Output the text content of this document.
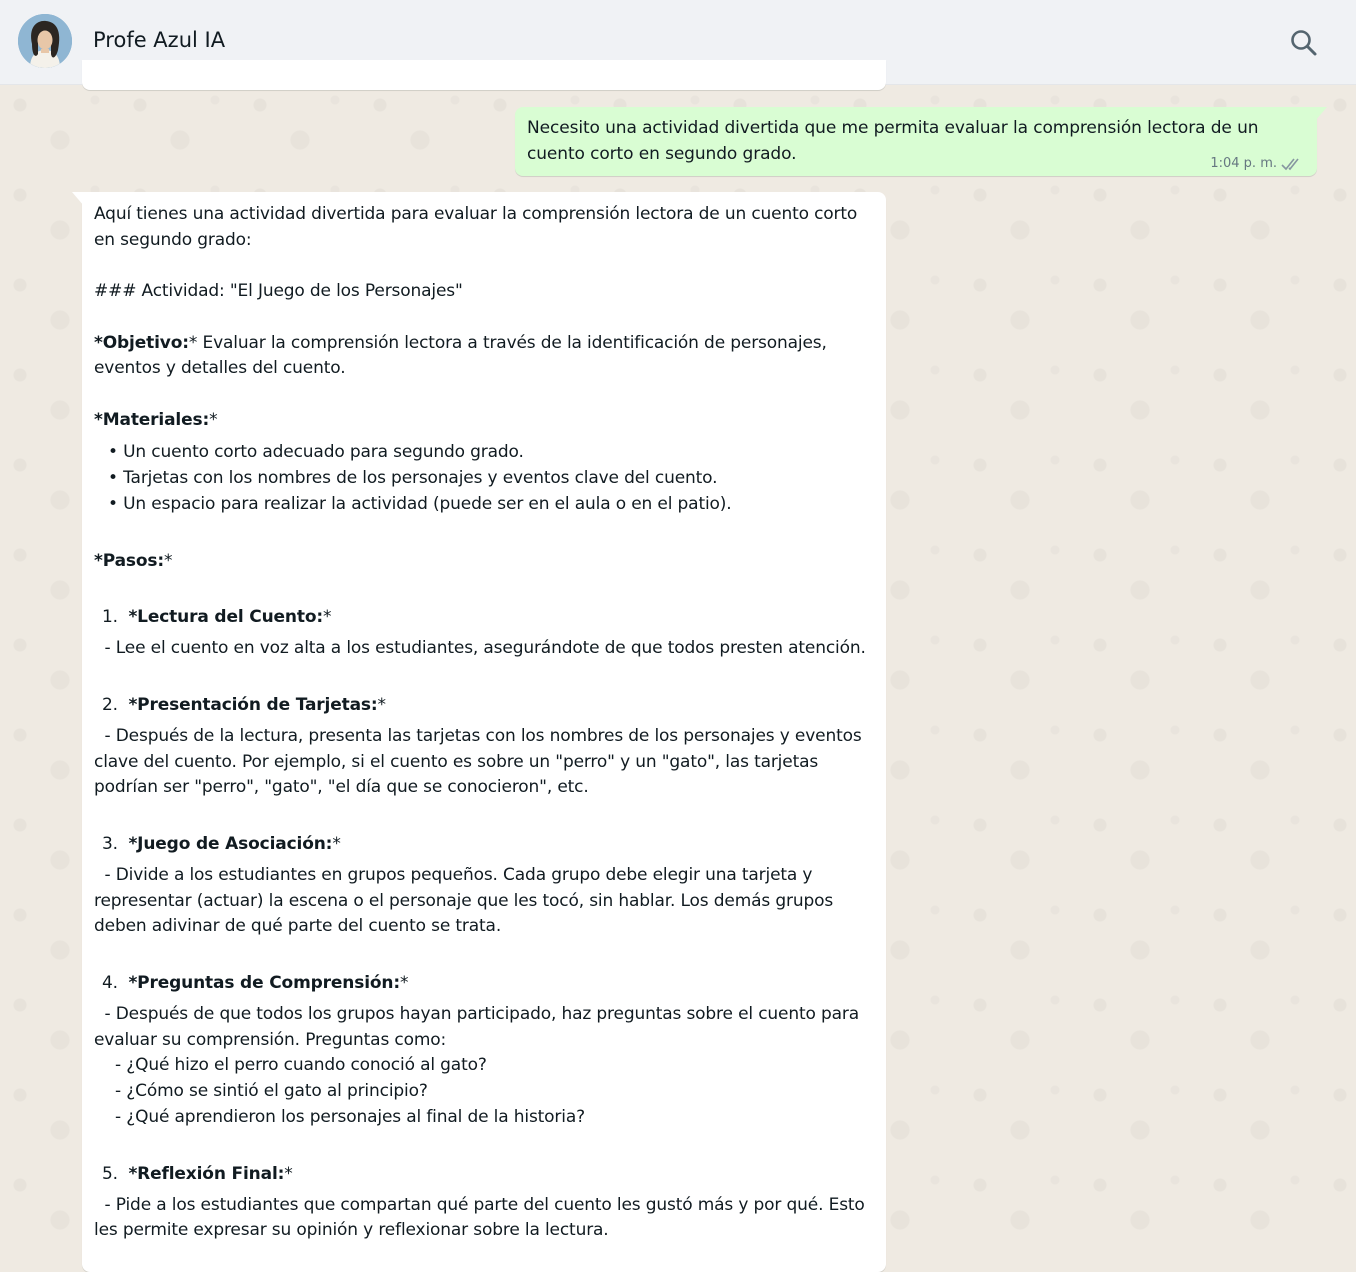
Profe Azul IA
Necesito una actividad divertida que me permita evaluar la comprensión lectora de un
cuento corto en segundo grado.	1:04 p. m.
Aquí tienes una actividad divertida para evaluar la comprensión lectora de un cuento corto
en segundo grado:
### Actividad: "El Juego de los Personajes"
*Objetivo:* Evaluar la comprensión lectora a través de la identificación de personajes,
eventos y detalles del cuento.
*Materiales:*
• Un cuento corto adecuado para segundo grado.
• Tarjetas con los nombres de los personajes y eventos clave del cuento.
• Un espacio para realizar la actividad (puede ser en el aula o en el patio).
*Pasos:*
1. *Lectura del Cuento:*
- Lee el cuento en voz alta a los estudiantes, asegurándote de que todos presten atención.
2. *Presentación de Tarjetas:*
- Después de la lectura, presenta las tarjetas con los nombres de los personajes y eventos
clave del cuento. Por ejemplo, si el cuento es sobre un "perro" y un "gato", las tarjetas
podrían ser "perro", "gato", "el día que se conocieron", etc.
3. *Juego de Asociación:*
- Divide a los estudiantes en grupos pequeños. Cada grupo debe elegir una tarjeta y
representar (actuar) la escena o el personaje que les tocó, sin hablar. Los demás grupos
deben adivinar de qué parte del cuento se trata.
4. *Preguntas de Comprensión:*
- Después de que todos los grupos hayan participado, haz preguntas sobre el cuento para
evaluar su comprensión. Preguntas como:
- ¿Qué hizo el perro cuando conoció al gato?
- ¿Cómo se sintió el gato al principio?
- ¿Qué aprendieron los personajes al final de la historia?
5. *Reflexión Final:*
- Pide a los estudiantes que compartan qué parte del cuento les gustó más y por qué. Esto
les permite expresar su opinión y reflexionar sobre la lectura.
